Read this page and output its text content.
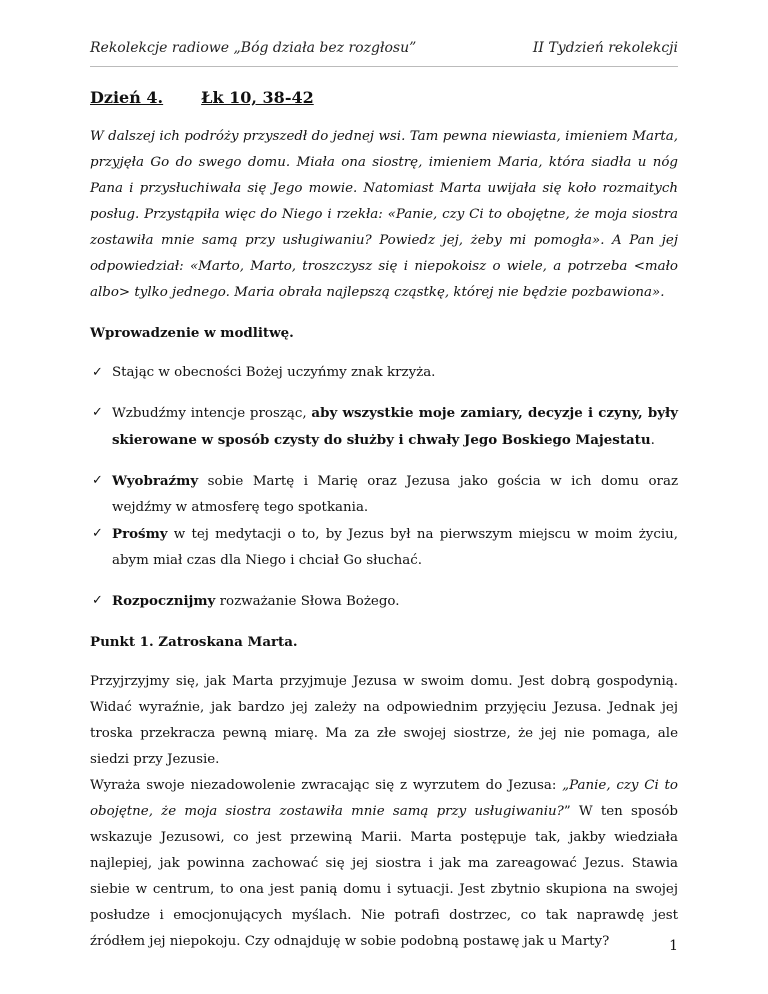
Rekolekcje radiowe „Bóg działa bez rozgłosu”	II Tydzień rekolekcji
Dzień 4. Łk 10, 38-42

W dalszej ich podróży przyszedł do jednej wsi. Tam pewna niewiasta, imieniem Marta, przyjęła Go do swego domu. Miała ona siostrę, imieniem Maria, która siadła u nóg Pana i przysłuchiwała się Jego mowie. Natomiast Marta uwijała się koło rozmaitych posług. Przystąpiła więc do Niego i rzekła: «Panie, czy Ci to obojętne, że moja siostra zostawiła mnie samą przy usługiwaniu? Powiedz jej, żeby mi pomogła». A Pan jej odpowiedział: «Marto, Marto, troszczysz się i niepokoisz o wiele, a potrzeba <mało albo> tylko jednego. Maria obrała najlepszą cząstkę, której nie będzie pozbawiona».

Wprowadzenie w modlitwę.

✓ Stając w obecności Bożej uczyńmy znak krzyża.
✓ Wzbudźmy intencje prosząc, aby wszystkie moje zamiary, decyzje i czyny, były skierowane w sposób czysty do służby i chwały Jego Boskiego Majestatu.
✓ Wyobraźmy sobie Martę i Marię oraz Jezusa jako gościa w ich domu oraz wejdźmy w atmosferę tego spotkania.
✓ Prośmy w tej medytacji o to, by Jezus był na pierwszym miejscu w moim życiu, abym miał czas dla Niego i chciał Go słuchać.
✓ Rozpocznijmy rozważanie Słowa Bożego.

Punkt 1. Zatroskana Marta.

Przyjrzyjmy się, jak Marta przyjmuje Jezusa w swoim domu. Jest dobrą gospodynią. Widać wyraźnie, jak bardzo jej zależy na odpowiednim przyjęciu Jezusa. Jednak jej troska przekracza pewną miarę. Ma za złe swojej siostrze, że jej nie pomaga, ale siedzi przy Jezusie.

Wyraża swoje niezadowolenie zwracając się z wyrzutem do Jezusa: „Panie, czy Ci to obojętne, że moja siostra zostawiła mnie samą przy usługiwaniu?” W ten sposób wskazuje Jezusowi, co jest przewiną Marii. Marta postępuje tak, jakby wiedziała najlepiej, jak powinna zachować się jej siostra i jak ma zareagować Jezus. Stawia siebie w centrum, to ona jest panią domu i sytuacji. Jest zbytnio skupiona na swojej posłudze i emocjonujących myślach. Nie potrafi dostrzec, co tak naprawdę jest źródłem jej niepokoju. Czy odnajduję w sobie podobną postawę jak u Marty?	1
